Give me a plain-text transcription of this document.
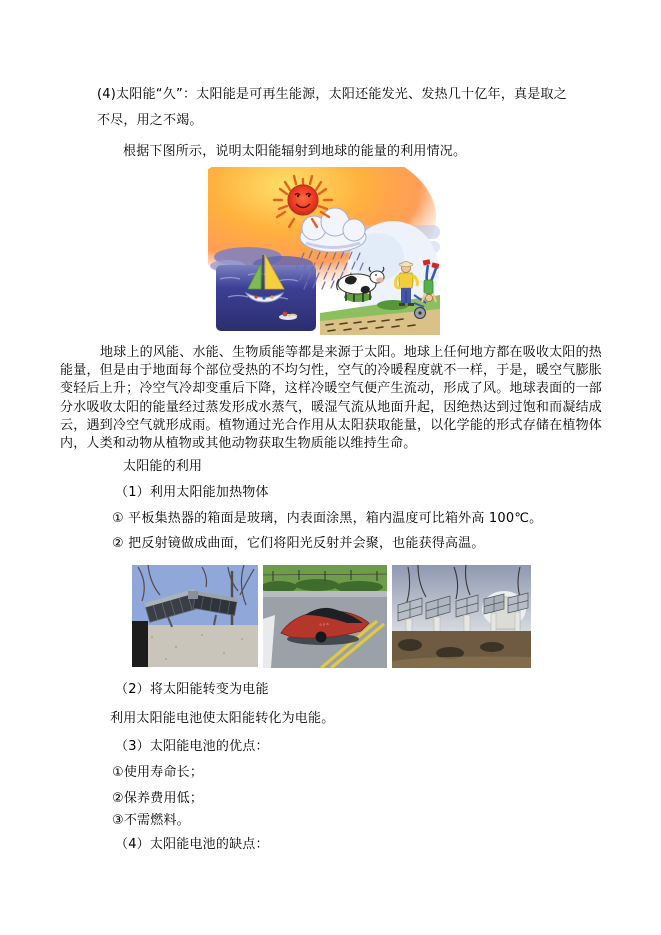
(4)太阳能“久”：太阳能是可再生能源，太阳还能发光、发热几十亿年，真是取之不尽，用之不竭。

根据下图所示，说明太阳能辐射到地球的能量的利用情况。

地球上的风能、水能、生物质能等都是来源于太阳。地球上任何地方都在吸收太阳的热能量，但是由于地面每个部位受热的不均匀性，空气的冷暖程度就不一样，于是，暖空气膨胀变轻后上升；冷空气冷却变重后下降，这样冷暖空气便产生流动，形成了风。地球表面的一部分水吸收太阳的能量经过蒸发形成水蒸气，暖湿气流从地面升起，因绝热达到过饱和而凝结成云，遇到冷空气就形成雨。植物通过光合作用从太阳获取能量，以化学能的形式存储在植物体内，人类和动物从植物或其他动物获取生物质能以维持生命。

太阳能的利用

（1）利用太阳能加热物体

① 平板集热器的箱面是玻璃，内表面涂黑，箱内温度可比箱外高 100℃。

② 把反射镜做成曲面，它们将阳光反射并会聚，也能获得高温。

◦◦◦

（2）将太阳能转变为电能

利用太阳能电池使太阳能转化为电能。

（3）太阳能电池的优点：

①使用寿命长；

②保养费用低；

③不需燃料。

（4）太阳能电池的缺点：
